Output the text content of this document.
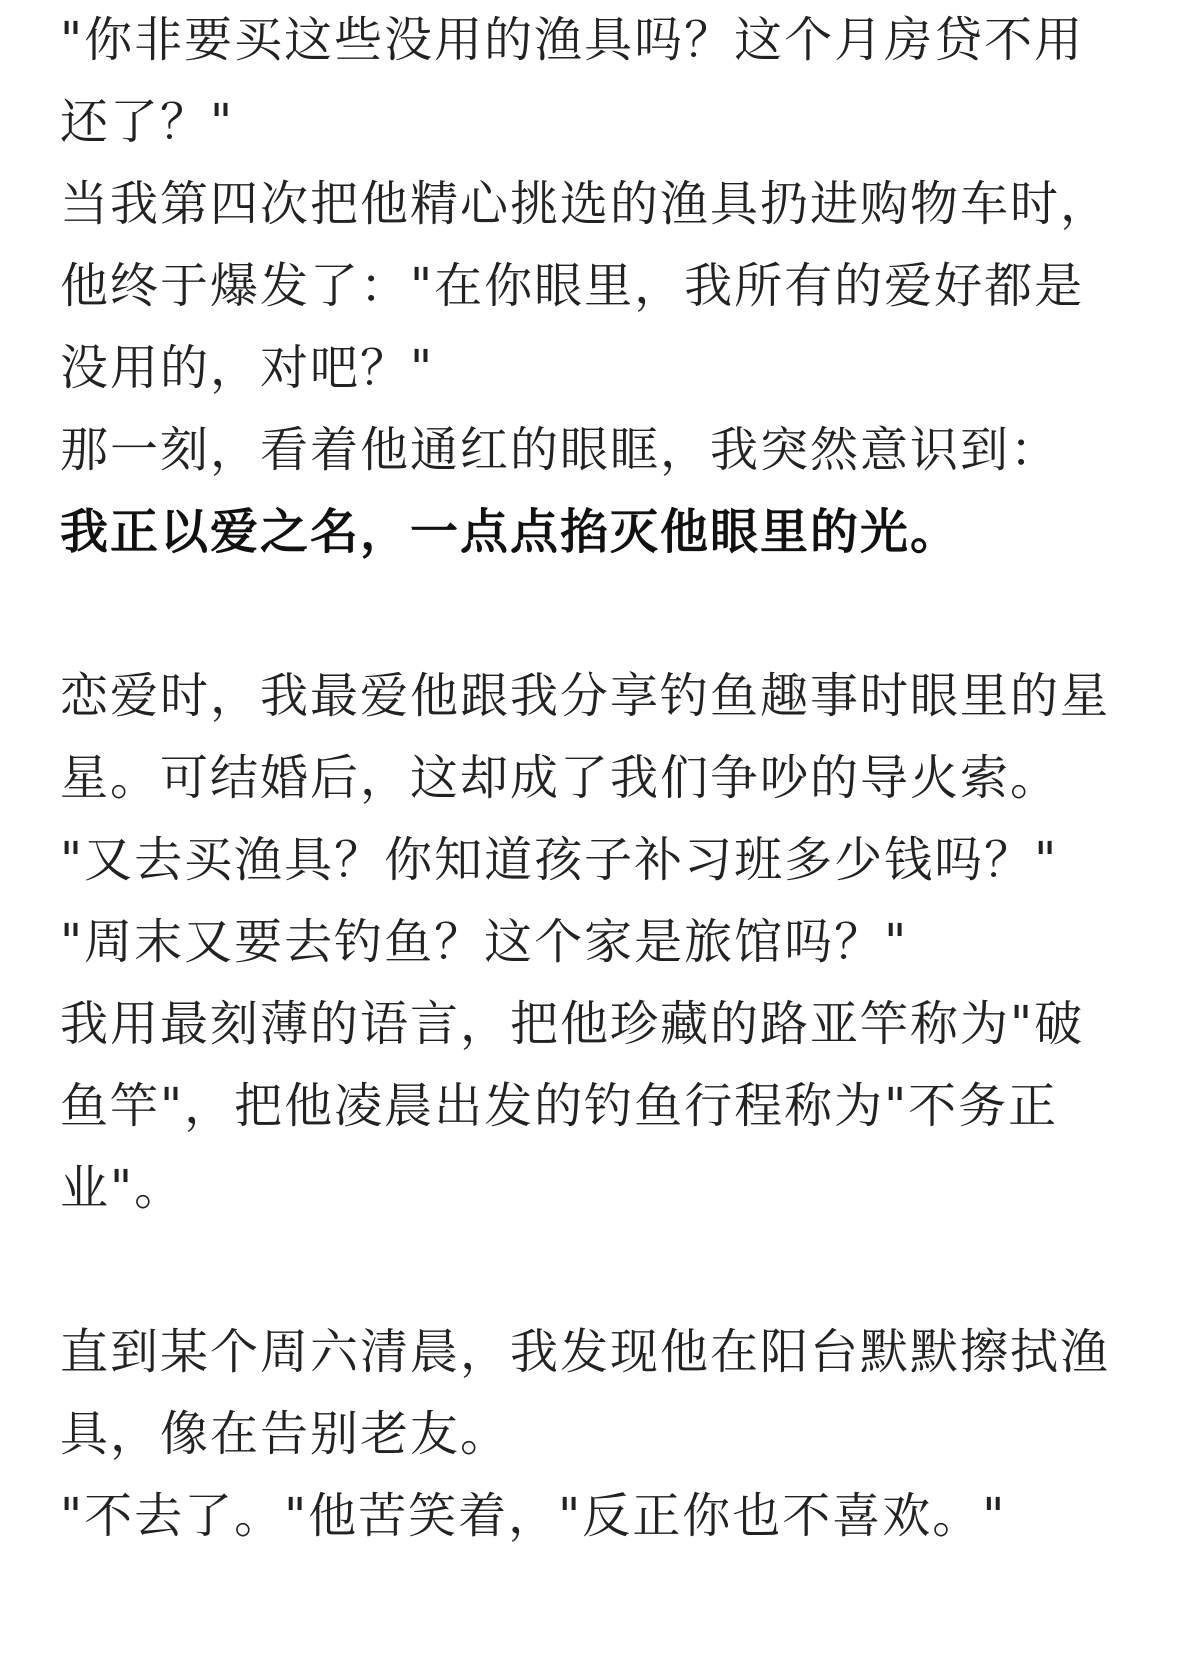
"你非要买这些没用的渔具吗？这个月房贷不用还了？"

当我第四次把他精心挑选的渔具扔进购物车时，他终于爆发了："在你眼里，我所有的爱好都是没用的，对吧？"

那一刻，看着他通红的眼眶，我突然意识到：

我正以爱之名，一点点掐灭他眼里的光。

恋爱时，我最爱他跟我分享钓鱼趣事时眼里的星星。可结婚后，这却成了我们争吵的导火索。

"又去买渔具？你知道孩子补习班多少钱吗？"

"周末又要去钓鱼？这个家是旅馆吗？"

我用最刻薄的语言，把他珍藏的路亚竿称为"破鱼竿"，把他凌晨出发的钓鱼行程称为"不务正业"。

直到某个周六清晨，我发现他在阳台默默擦拭渔具，像在告别老友。

"不去了。"他苦笑着，"反正你也不喜欢。"
